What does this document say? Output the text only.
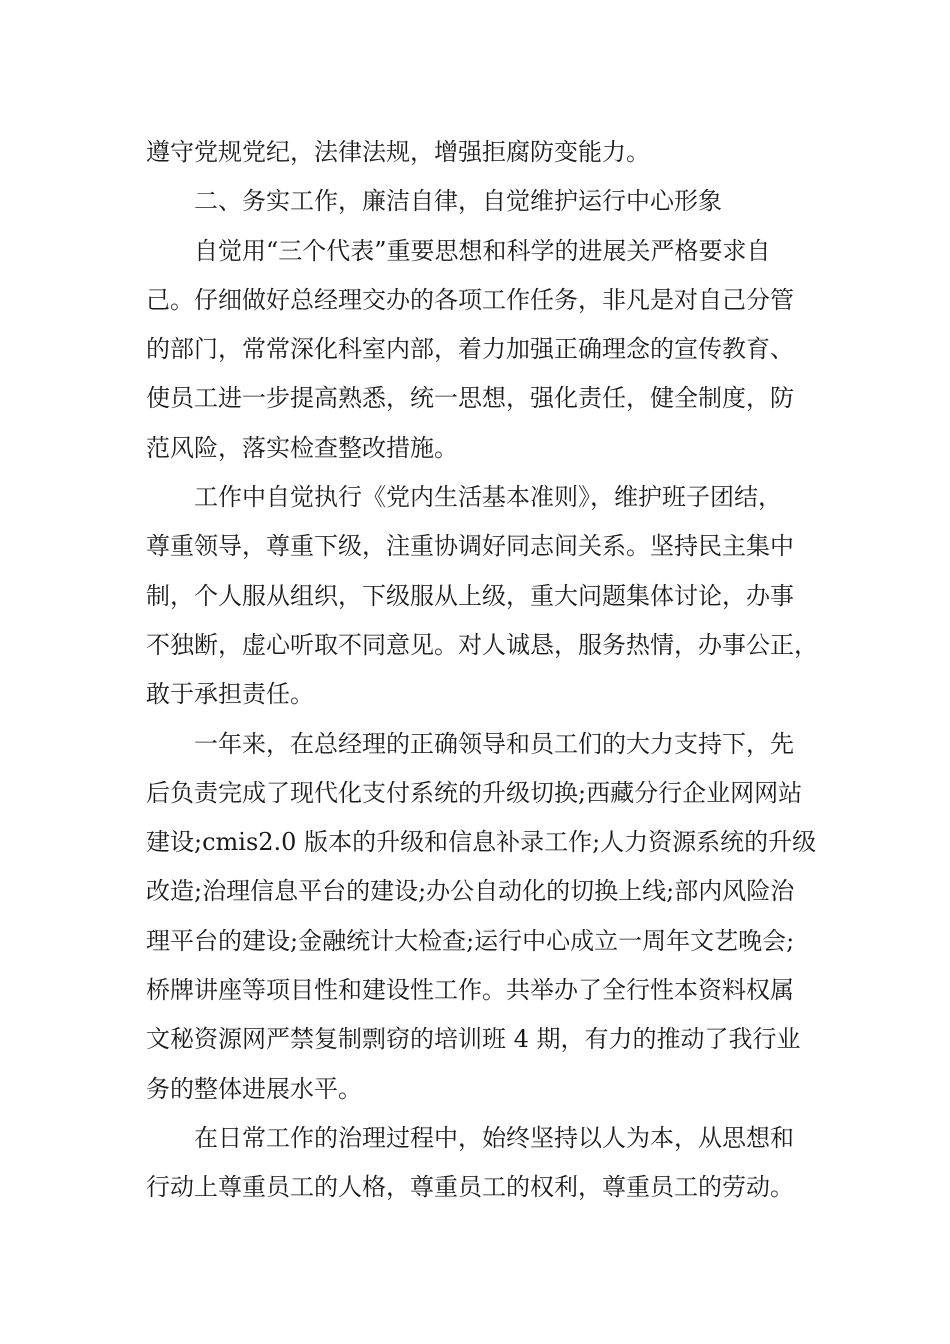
遵守党规党纪，法律法规，增强拒腐防变能力。
二、务实工作，廉洁自律，自觉维护运行中心形象
自觉用“三个代表”重要思想和科学的进展关严格要求自
己。仔细做好总经理交办的各项工作任务，非凡是对自己分管
的部门，常常深化科室内部，着力加强正确理念的宣传教育、
使员工进一步提高熟悉，统一思想，强化责任，健全制度，防
范风险，落实检查整改措施。
工作中自觉执行《党内生活基本准则》，维护班子团结，
尊重领导，尊重下级，注重协调好同志间关系。坚持民主集中
制，个人服从组织，下级服从上级，重大问题集体讨论，办事
不独断，虚心听取不同意见。对人诚恳，服务热情，办事公正，
敢于承担责任。
一年来，在总经理的正确领导和员工们的大力支持下，先
后负责完成了现代化支付系统的升级切换;西藏分行企业网网站
建设;cmis2.0 版本的升级和信息补录工作;人力资源系统的升级
改造;治理信息平台的建设;办公自动化的切换上线;部内风险治
理平台的建设;金融统计大检查;运行中心成立一周年文艺晚会;
桥牌讲座等项目性和建设性工作。共举办了全行性本资料权属
文秘资源网严禁复制剽窃的培训班 4 期，有力的推动了我行业
务的整体进展水平。
在日常工作的治理过程中，始终坚持以人为本，从思想和
行动上尊重员工的人格，尊重员工的权利，尊重员工的劳动。
